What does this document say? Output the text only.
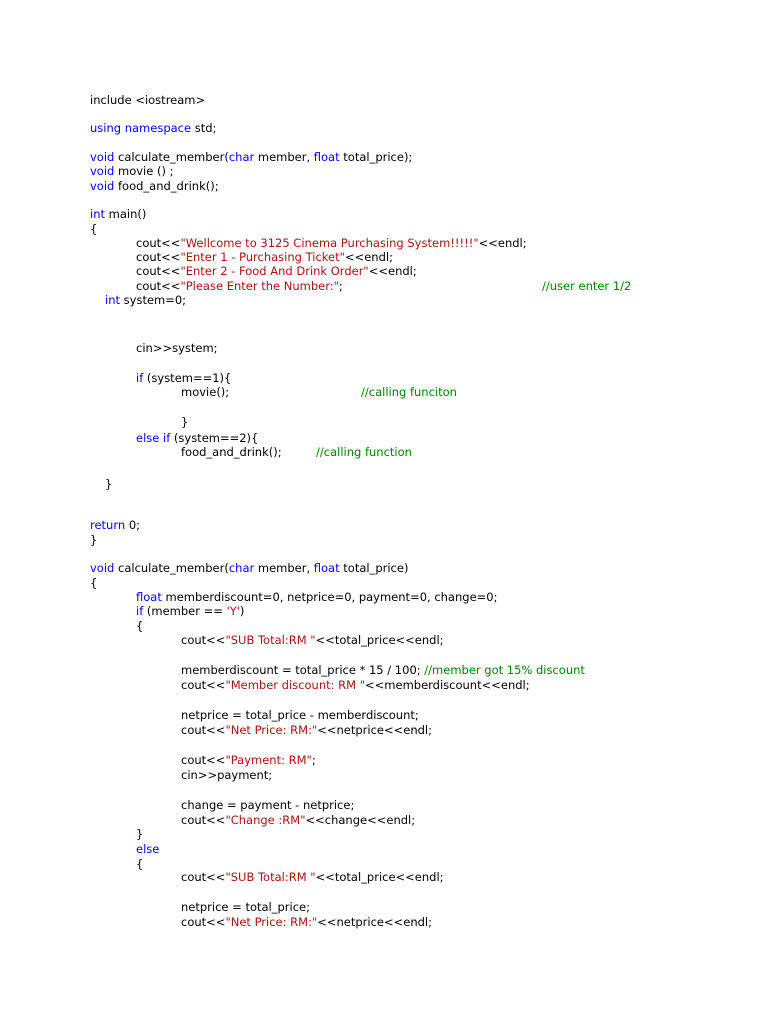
include <iostream>
using namespace std;
void calculate_member(char member, float total_price);
void movie () ;
void food_and_drink();
int main()
{
cout<<"Wellcome to 3125 Cinema Purchasing System!!!!!"<<endl;
cout<<"Enter 1 - Purchasing Ticket"<<endl;
cout<<"Enter 2 - Food And Drink Order"<<endl;
cout<<"Please Enter the Number:";	//user enter 1/2
int system=0;
cin>>system;
if (system==1){
movie();	//calling funciton
}
else if (system==2){
food_and_drink();	//calling function
}
return 0;
}
void calculate_member(char member, float total_price)
{
float memberdiscount=0, netprice=0, payment=0, change=0;
if (member == 'Y')
{
cout<<"SUB Total:RM "<<total_price<<endl;
memberdiscount = total_price * 15 / 100; //member got 15% discount
cout<<"Member discount: RM "<<memberdiscount<<endl;
netprice = total_price - memberdiscount;
cout<<"Net Price: RM:"<<netprice<<endl;
cout<<"Payment: RM";
cin>>payment;
change = payment - netprice;
cout<<"Change :RM"<<change<<endl;
}
else
{
cout<<"SUB Total:RM "<<total_price<<endl;
netprice = total_price;
cout<<"Net Price: RM:"<<netprice<<endl;
